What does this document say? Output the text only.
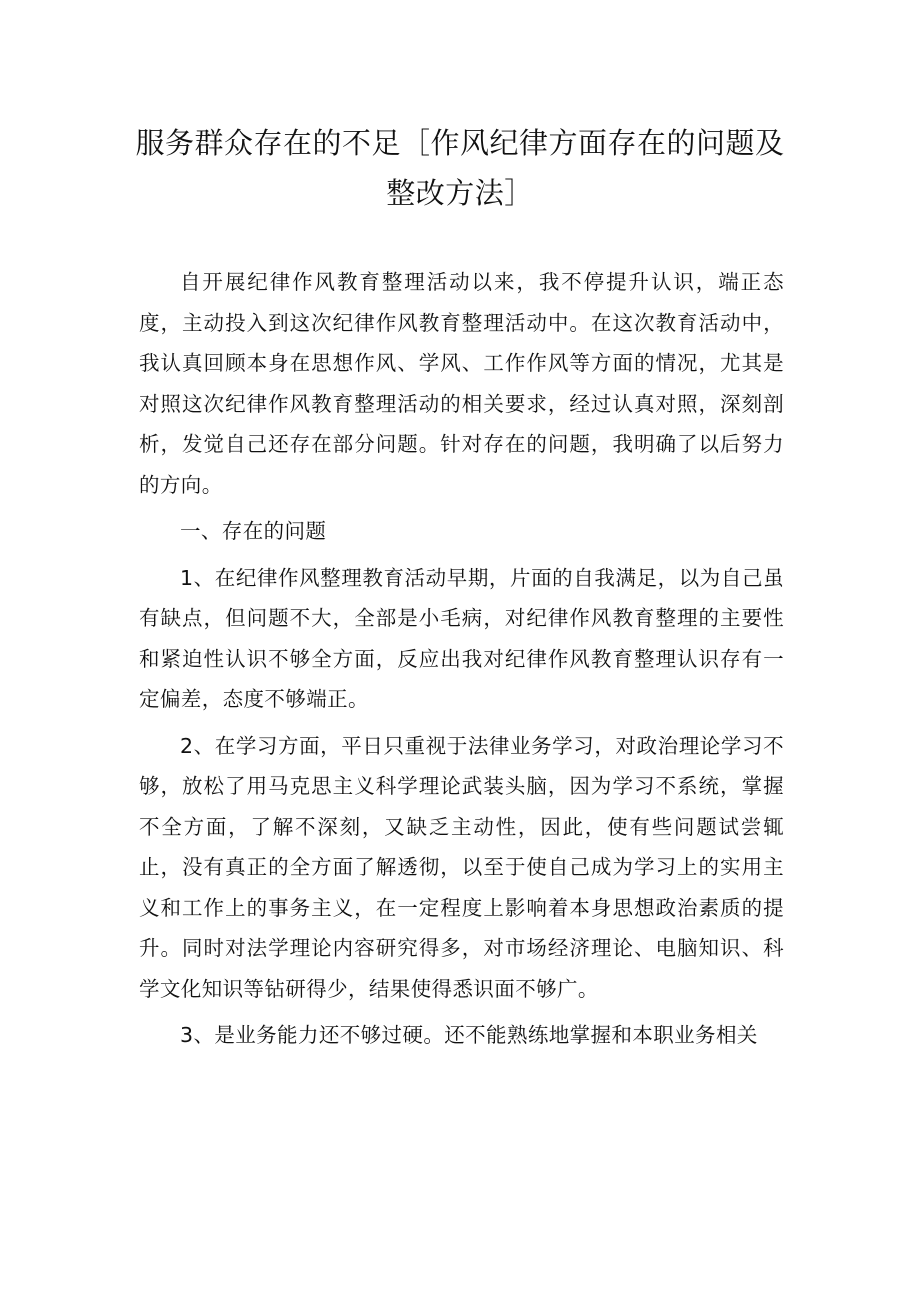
服务群众存在的不足［作风纪律方面存在的问题及整改方法］

自开展纪律作风教育整理活动以来，我不停提升认识，端正态度，主动投入到这次纪律作风教育整理活动中。在这次教育活动中，我认真回顾本身在思想作风、学风、工作作风等方面的情况，尤其是对照这次纪律作风教育整理活动的相关要求，经过认真对照，深刻剖析，发觉自己还存在部分问题。针对存在的问题，我明确了以后努力的方向。

一、存在的问题

1、在纪律作风整理教育活动早期，片面的自我满足，以为自己虽有缺点，但问题不大，全部是小毛病，对纪律作风教育整理的主要性和紧迫性认识不够全方面，反应出我对纪律作风教育整理认识存有一定偏差，态度不够端正。

2、在学习方面，平日只重视于法律业务学习，对政治理论学习不够，放松了用马克思主义科学理论武装头脑，因为学习不系统，掌握不全方面，了解不深刻，又缺乏主动性，因此，使有些问题试尝辄止，没有真正的全方面了解透彻，以至于使自己成为学习上的实用主义和工作上的事务主义，在一定程度上影响着本身思想政治素质的提升。同时对法学理论内容研究得多，对市场经济理论、电脑知识、科学文化知识等钻研得少，结果使得悉识面不够广。

3、是业务能力还不够过硬。还不能熟练地掌握和本职业务相关
